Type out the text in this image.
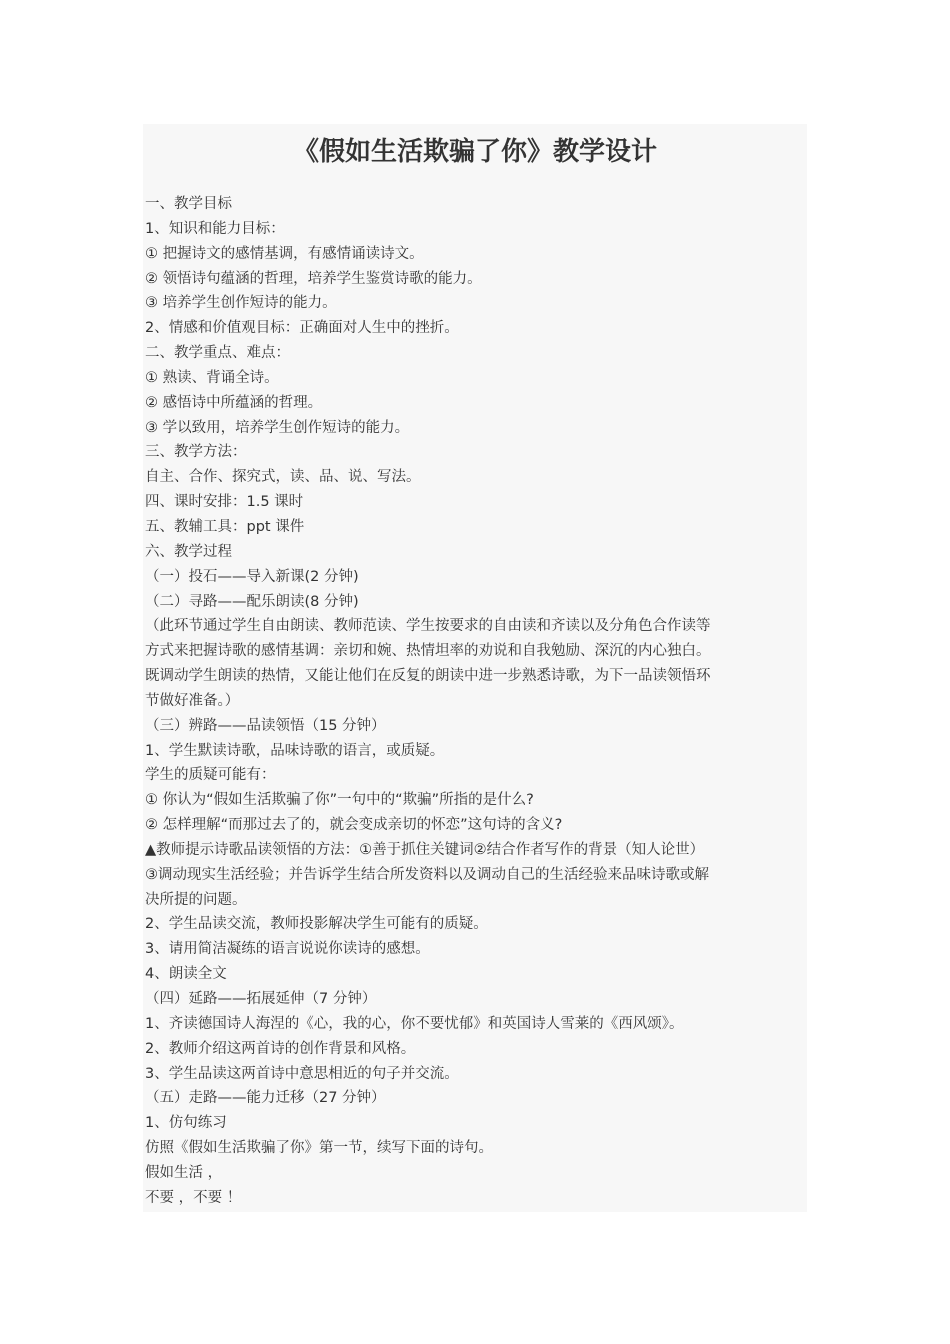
《假如生活欺骗了你》教学设计
一、教学目标
1、知识和能力目标：
① 把握诗文的感情基调，有感情诵读诗文。
② 领悟诗句蕴涵的哲理，培养学生鉴赏诗歌的能力。
③ 培养学生创作短诗的能力。
2、情感和价值观目标：正确面对人生中的挫折。
二、教学重点、难点：
① 熟读、背诵全诗。
② 感悟诗中所蕴涵的哲理。
③ 学以致用，培养学生创作短诗的能力。
三、教学方法：
自主、合作、探究式，读、品、说、写法。
四、课时安排：1.5 课时
五、教辅工具：ppt 课件
六、教学过程
（一）投石——导入新课(2 分钟)
（二）寻路——配乐朗读(8 分钟)
（此环节通过学生自由朗读、教师范读、学生按要求的自由读和齐读以及分角色合作读等
方式来把握诗歌的感情基调：亲切和婉、热情坦率的劝说和自我勉励、深沉的内心独白。
既调动学生朗读的热情，又能让他们在反复的朗读中进一步熟悉诗歌，为下一品读领悟环
节做好准备。）
（三）辨路——品读领悟（15 分钟）
1、学生默读诗歌，品味诗歌的语言，或质疑。
学生的质疑可能有：
① 你认为“假如生活欺骗了你”一句中的“欺骗”所指的是什么?
② 怎样理解“而那过去了的，就会变成亲切的怀恋”这句诗的含义?
▲教师提示诗歌品读领悟的方法：①善于抓住关键词②结合作者写作的背景（知人论世）
③调动现实生活经验；并告诉学生结合所发资料以及调动自己的生活经验来品味诗歌或解
决所提的问题。
2、学生品读交流，教师投影解决学生可能有的质疑。
3、请用简洁凝练的语言说说你读诗的感想。
4、朗读全文
（四）延路——拓展延伸（7 分钟）
1、齐读德国诗人海涅的《心，我的心，你不要忧郁》和英国诗人雪莱的《西风颂》。
2、教师介绍这两首诗的创作背景和风格。
3、学生品读这两首诗中意思相近的句子并交流。
（五）走路——能力迁移（27 分钟）
1、仿句练习
仿照《假如生活欺骗了你》第一节，续写下面的诗句。
假如生活 ，
不要 ，不要 ！
